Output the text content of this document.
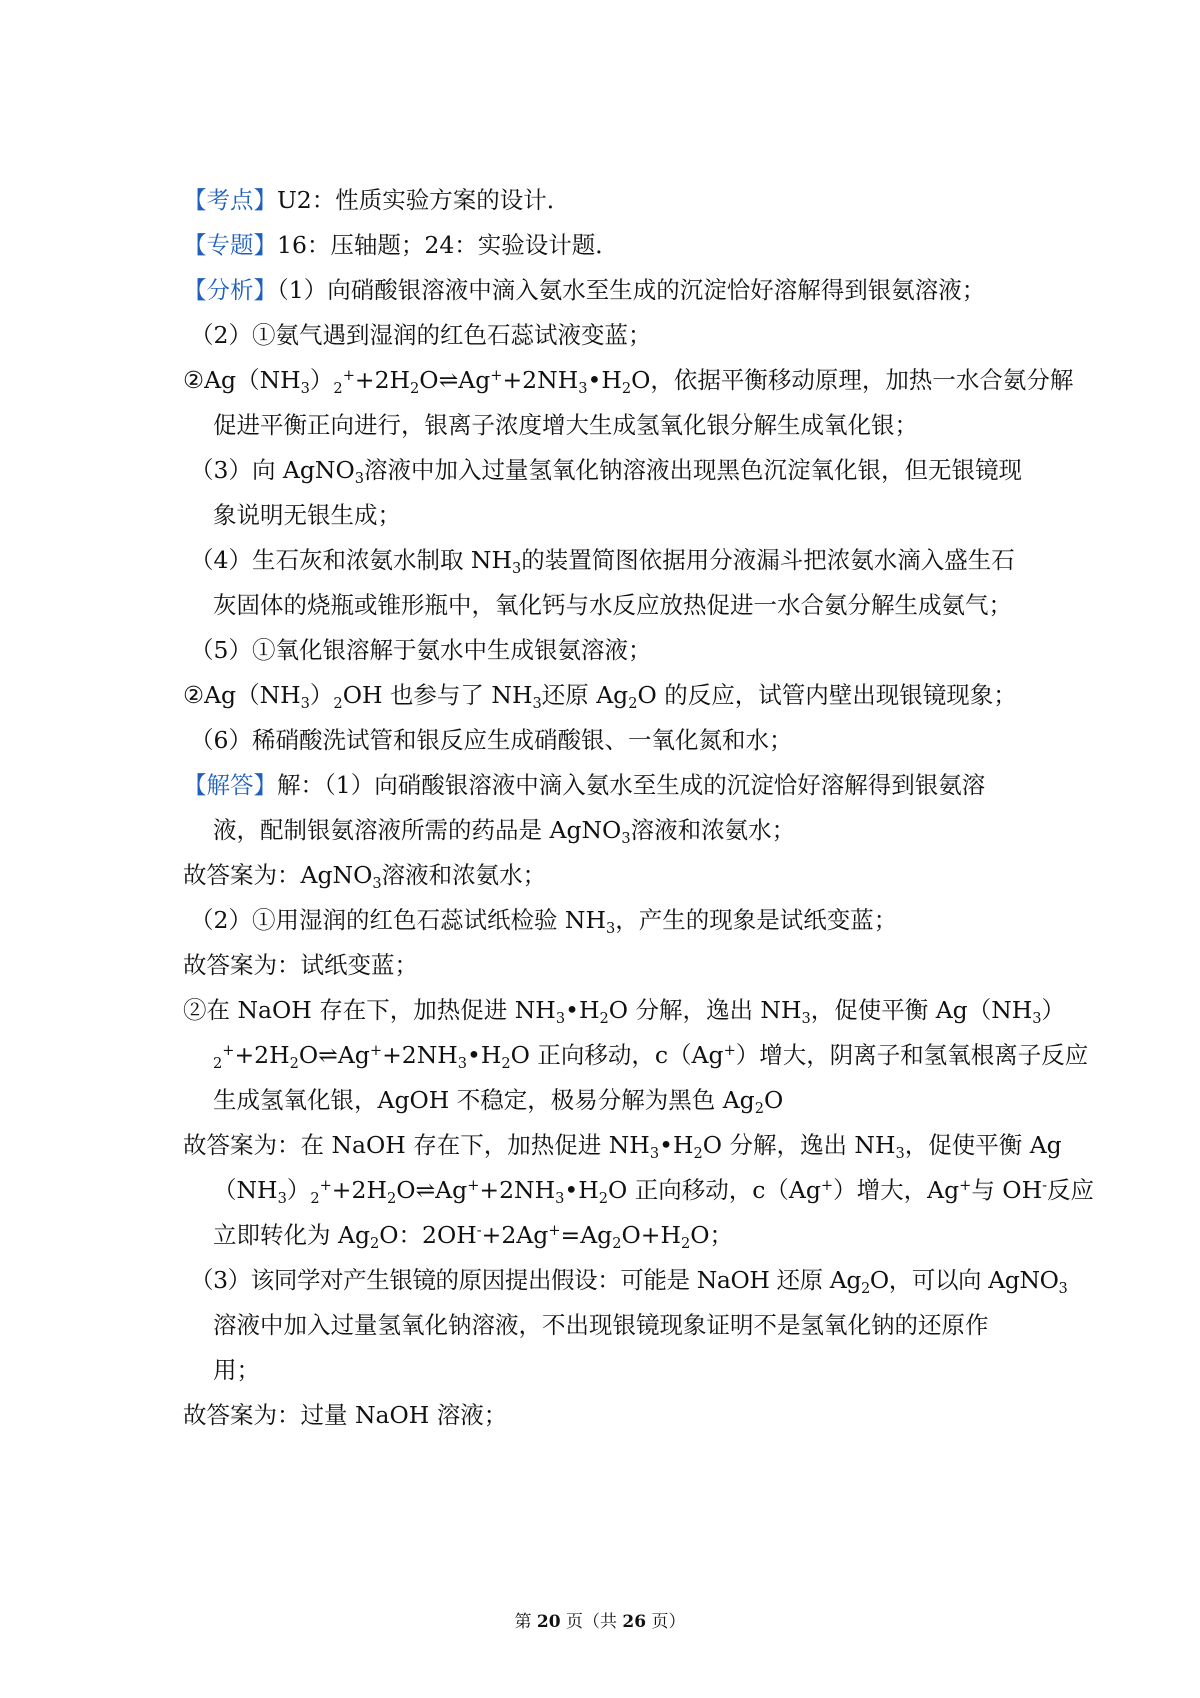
【考点】U2：性质实验方案的设计．
【专题】16：压轴题；24：实验设计题．
【分析】（1）向硝酸银溶液中滴入氨水至生成的沉淀恰好溶解得到银氨溶液；
（2）①氨气遇到湿润的红色石蕊试液变蓝；
$②Ag(NH_3)_2^++2H_2O\rightleftharpoons Ag^++2NH_3•H_2O$，依据平衡移动原理，加热一水合氨分解
促进平衡正向进行，银离子浓度增大生成氢氧化银分解生成氧化银；
（3）向 AgNO$_3$溶液中加入过量氢氧化钠溶液出现黑色沉淀氧化银，但无银镜现
象说明无银生成；
（4）生石灰和浓氨水制取 $NH_3$的装置简图依据用分液漏斗把浓氨水滴入盛生石
灰固体的烧瓶或锥形瓶中，氧化钙与水反应放热促进一水合氨分解生成氨气；
（5）①氧化银溶解于氨水中生成银氨溶液；
$②Ag(NH_3)_2OH$ 也参与了 $NH_3$还原 $Ag_2O$ 的反应，试管内壁出现银镜现象；
（6）稀硝酸洗试管和银反应生成硝酸银、一氧化氮和水；
【解答】解：（1）向硝酸银溶液中滴入氨水至生成的沉淀恰好溶解得到银氨溶
液，配制银氨溶液所需的药品是 AgNO$_3$溶液和浓氨水；
故答案为：AgNO$_3$溶液和浓氨水；
（2）①用湿润的红色石蕊试纸检验 $NH_3$，产生的现象是试纸变蓝；
故答案为：试纸变蓝；
②在 NaOH 存在下，加热促进 $NH_3•H_2O$ 分解，逸出 $NH_3$，促使平衡 $Ag(NH_3)$
$_2^++2H_2O\rightleftharpoons Ag^++2NH_3•H_2O$ 正向移动，c（Ag+）增大，阴离子和氢氧根离子反应
生成氢氧化银，AgOH 不稳定，极易分解为黑色 $Ag_2O$
故答案为：在 NaOH 存在下，加热促进 $NH_3•H_2O$ 分解，逸出 $NH_3$，促使平衡 Ag
$(NH_3)_2^++2H_2O\rightleftharpoons Ag^++2NH_3•H_2O$ 正向移动，c（Ag+）增大，Ag+与 OH-反应
立即转化为 $Ag_2O$：$2OH^-+2Ag^+=Ag_2O+H_2O$；
（3）该同学对产生银镜的原因提出假设：可能是 NaOH 还原 $Ag_2O$，可以向 AgNO$_3$
溶液中加入过量氢氧化钠溶液，不出现银镜现象证明不是氢氧化钠的还原作
用；
故答案为：过量 NaOH 溶液；
第 20 页（共 26 页）
